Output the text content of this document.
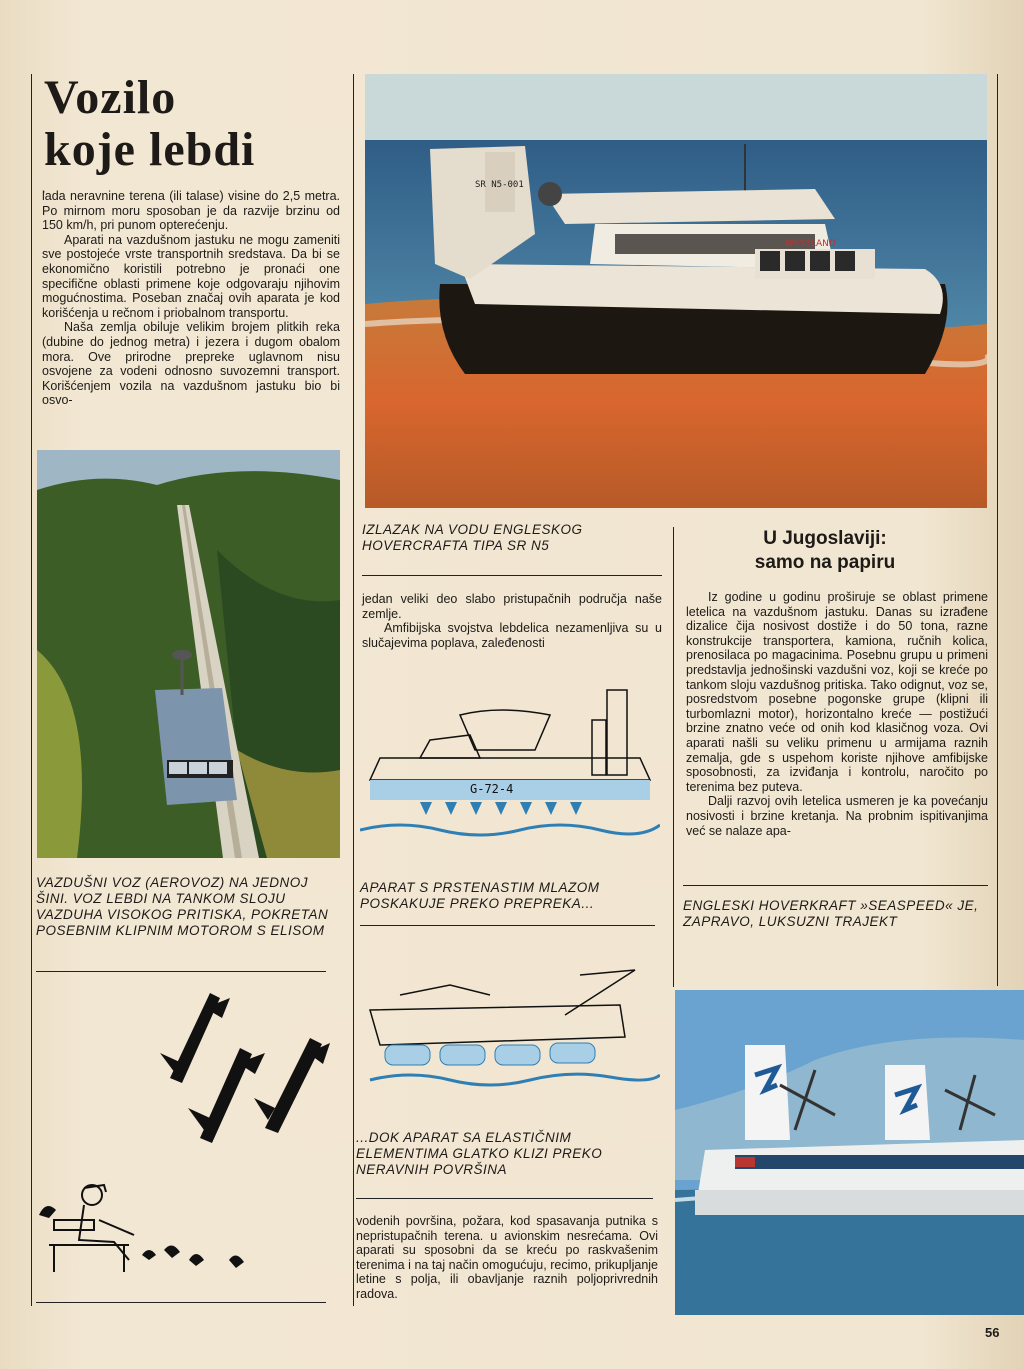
Vozilo
koje lebdi

͘lada neravnine terena (ili talase) visine do 2,5 metra. Po mirnom moru sposoban je da razvije brzinu od 150 km/h, pri punom opterećenju.

Aparati na vazdušnom jastuku ne mogu zameniti sve postojeće vrste transportnih sredstava. Da bi se ekonomično koristili potrebno je pronaći one specifične oblasti primene koje odgovaraju njihovim mogućnostima. Poseban značaj ovih aparata je kod korišćenja u rečnom i priobalnom transportu.

Naša zemlja obiluje velikim brojem plitkih reka (dubine do jednog metra) i jezera i dugom obalom mora. Ove prirodne prepreke uglavnom nisu osvojene za vodeni odnosno suvozemni transport. Korišćenjem vozila na vazdušnom jastuku bio bi osvo-

SR N5-001
WESTLAND
IZLAZAK NA VODU ENGLESKOG HOVERCRAFTA TIPA SR N5
VAZDUŠNI VOZ (AEROVOZ) NA JEDNOJ ŠINI. VOZ LEBDI NA TANKOM SLOJU VAZDUHA VISOKOG PRITISKA, POKRETAN POSEBNIM KLIPNIM MOTOROM S ELISOM

jedan veliki deo slabo pristupačnih područja naše zemlje.

Amfibijska svojstva lebdelica nezamenljiva su u slučajevima poplava, zaleđenosti

G-72-4
APARAT S PRSTENASTIM MLAZOM POSKAKUJE PREKO PREPREKA...
...DOK APARAT SA ELASTIČNIM ELEMENTIMA GLATKO KLIZI PREKO NERAVNIH POVRŠINA

vodenih površina, požara, kod spasavanja putnika s nepristupačnih terena. u avionskim nesrećama. Ovi aparati su sposobni da se kreću po raskvašenim terenima i na taj način omogućuju, recimo, prikupljanje letine s polja, ili obavljanje raznih poljoprivrednih radova.

U Jugoslaviji:
samo na papiru

Iz godine u godinu proširuje se oblast primene letelica na vazdušnom jastuku. Danas su izrađene dizalice čija nosivost dostiže i do 50 tona, razne konstrukcije transportera, kamiona, ručnih kolica, prenosilaca po magacinima. Posebnu grupu u primeni predstavlja jednošinski vazdušni voz, koji se kreće po tankom sloju vazdušnog pritiska. Tako odignut, voz se, posredstvom posebne pogonske grupe (klipni ili turbomlazni motor), horizontalno kreće — postižući brzine znatno veće od onih kod klasičnog voza. Ovi aparati našli su veliku primenu u armijama raznih zemalja, gde s uspehom koriste njihove amfibijske sposobnosti, za izviđanja i kontrolu, naročito po terenima bez puteva.

Dalji razvoj ovih letelica usmeren je ka povećanju nosivosti i brzine kretanja. Na probnim ispitivanjima već se nalaze apa-

ENGLESKI HOVERKRAFT »SEASPEED« JE, ZAPRAVO, LUKSUZNI TRAJEKT
56
